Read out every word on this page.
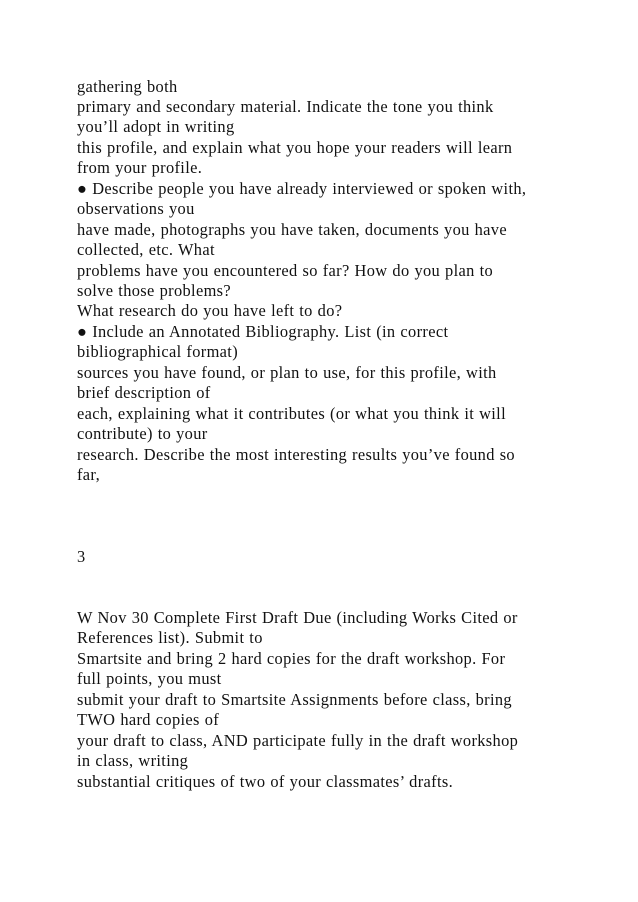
gathering both
primary and secondary material. Indicate the tone you think
you’ll adopt in writing
this profile, and explain what you hope your readers will learn
from your profile.
● Describe people you have already interviewed or spoken with,
observations you
have made, photographs you have taken, documents you have
collected, etc. What
problems have you encountered so far? How do you plan to
solve those problems?
What research do you have left to do?
● Include an Annotated Bibliography. List (in correct
bibliographical format)
sources you have found, or plan to use, for this profile, with
brief description of
each, explaining what it contributes (or what you think it will
contribute) to your
research. Describe the most interesting results you’ve found so
far,
3
W Nov 30 Complete First Draft Due (including Works Cited or
References list). Submit to
Smartsite and bring 2 hard copies for the draft workshop. For
full points, you must
submit your draft to Smartsite Assignments before class, bring
TWO hard copies of
your draft to class, AND participate fully in the draft workshop
in class, writing
substantial critiques of two of your classmates’ drafts.
